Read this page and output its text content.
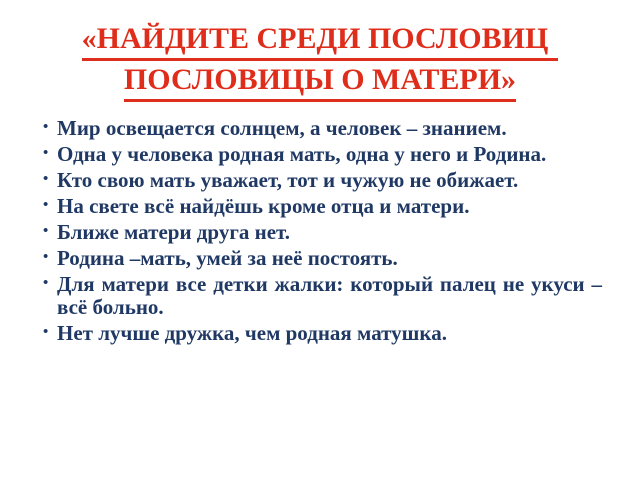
«НАЙДИТЕ СРЕДИ ПОСЛОВИЦ
ПОСЛОВИЦЫ О МАТЕРИ»
• Мир освещается солнцем, а человек – знанием.
• Одна у человека родная мать, одна у него и Родина.
• Кто свою мать уважает, тот и чужую не обижает.
• На свете всё найдёшь кроме отца и матери.
• Ближе матери друга нет.
• Родина –мать, умей за неё постоять.
• Для матери все детки жалки: который палец не укуси – всё больно.
• Нет лучше дружка, чем родная матушка.
